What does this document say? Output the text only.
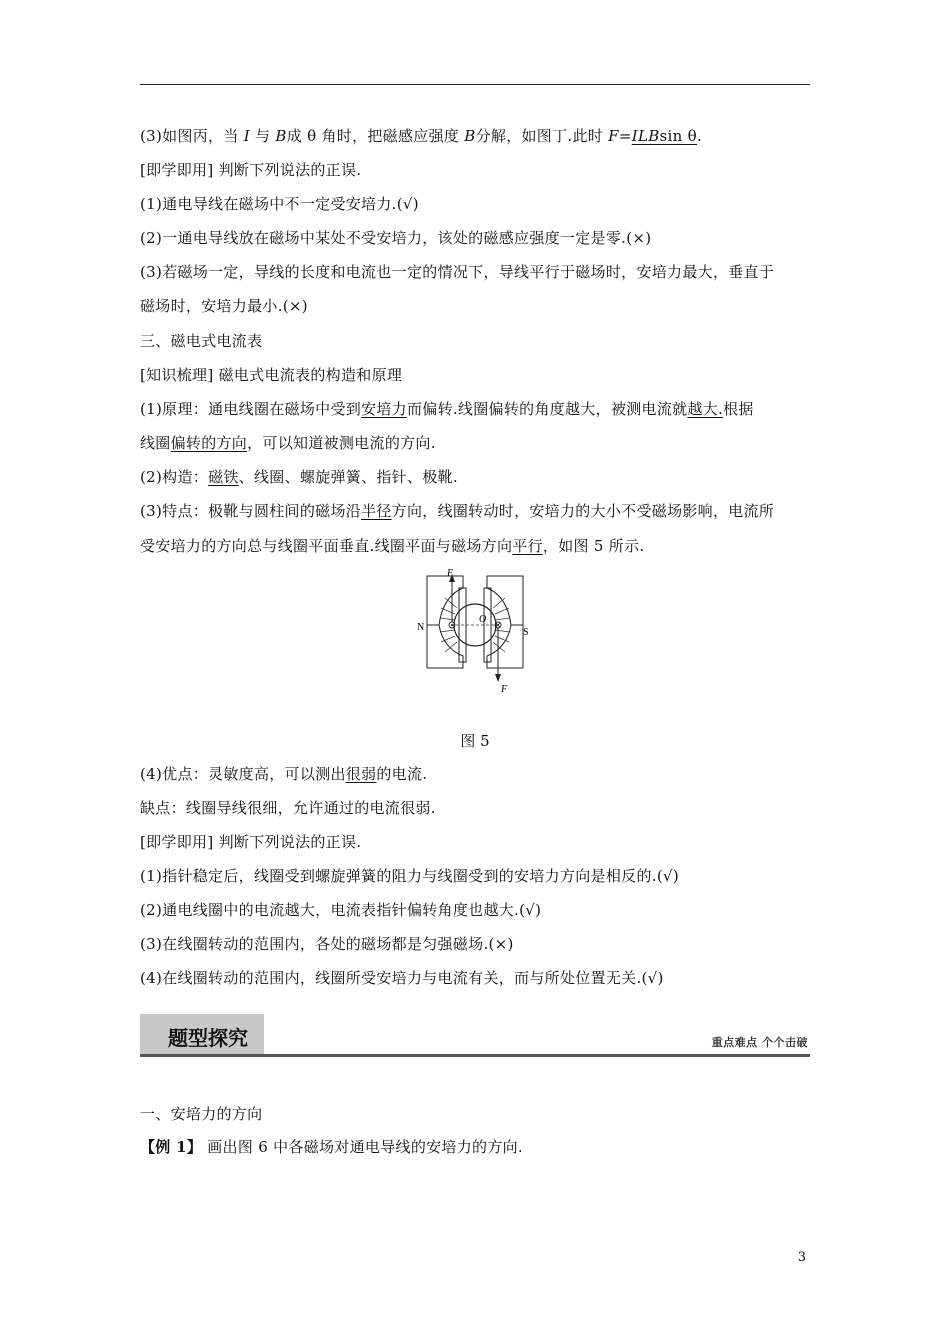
(3)如图丙，当 I 与 B成 θ 角时，把磁感应强度 B分解，如图丁.此时 F=ILBsin θ.
[即学即用] 判断下列说法的正误.
(1)通电导线在磁场中不一定受安培力.(√)
(2)一通电导线放在磁场中某处不受安培力，该处的磁感应强度一定是零.(×)
(3)若磁场一定，导线的长度和电流也一定的情况下，导线平行于磁场时，安培力最大，垂直于
磁场时，安培力最小.(×)
三、磁电式电流表
[知识梳理] 磁电式电流表的构造和原理
(1)原理：通电线圈在磁场中受到安培力而偏转.线圈偏转的角度越大，被测电流就越大.根据
线圈偏转的方向，可以知道被测电流的方向.
(2)构造：磁铁、线圈、螺旋弹簧、指针、极靴.
(3)特点：极靴与圆柱间的磁场沿半径方向，线圈转动时，安培力的大小不受磁场影响，电流所
受安培力的方向总与线圈平面垂直.线圈平面与磁场方向平行，如图 5 所示.
F
F
N	S
O
图 5
(4)优点：灵敏度高，可以测出很弱的电流.
缺点：线圈导线很细，允许通过的电流很弱.
[即学即用] 判断下列说法的正误.
(1)指针稳定后，线圈受到螺旋弹簧的阻力与线圈受到的安培力方向是相反的.(√)
(2)通电线圈中的电流越大，电流表指针偏转角度也越大.(√)
(3)在线圈转动的范围内，各处的磁场都是匀强磁场.(×)
(4)在线圈转动的范围内，线圈所受安培力与电流有关，而与所处位置无关.(√)
题型探究	重点难点 个个击破
一、安培力的方向
【例 1】 画出图 6 中各磁场对通电导线的安培力的方向.
3
